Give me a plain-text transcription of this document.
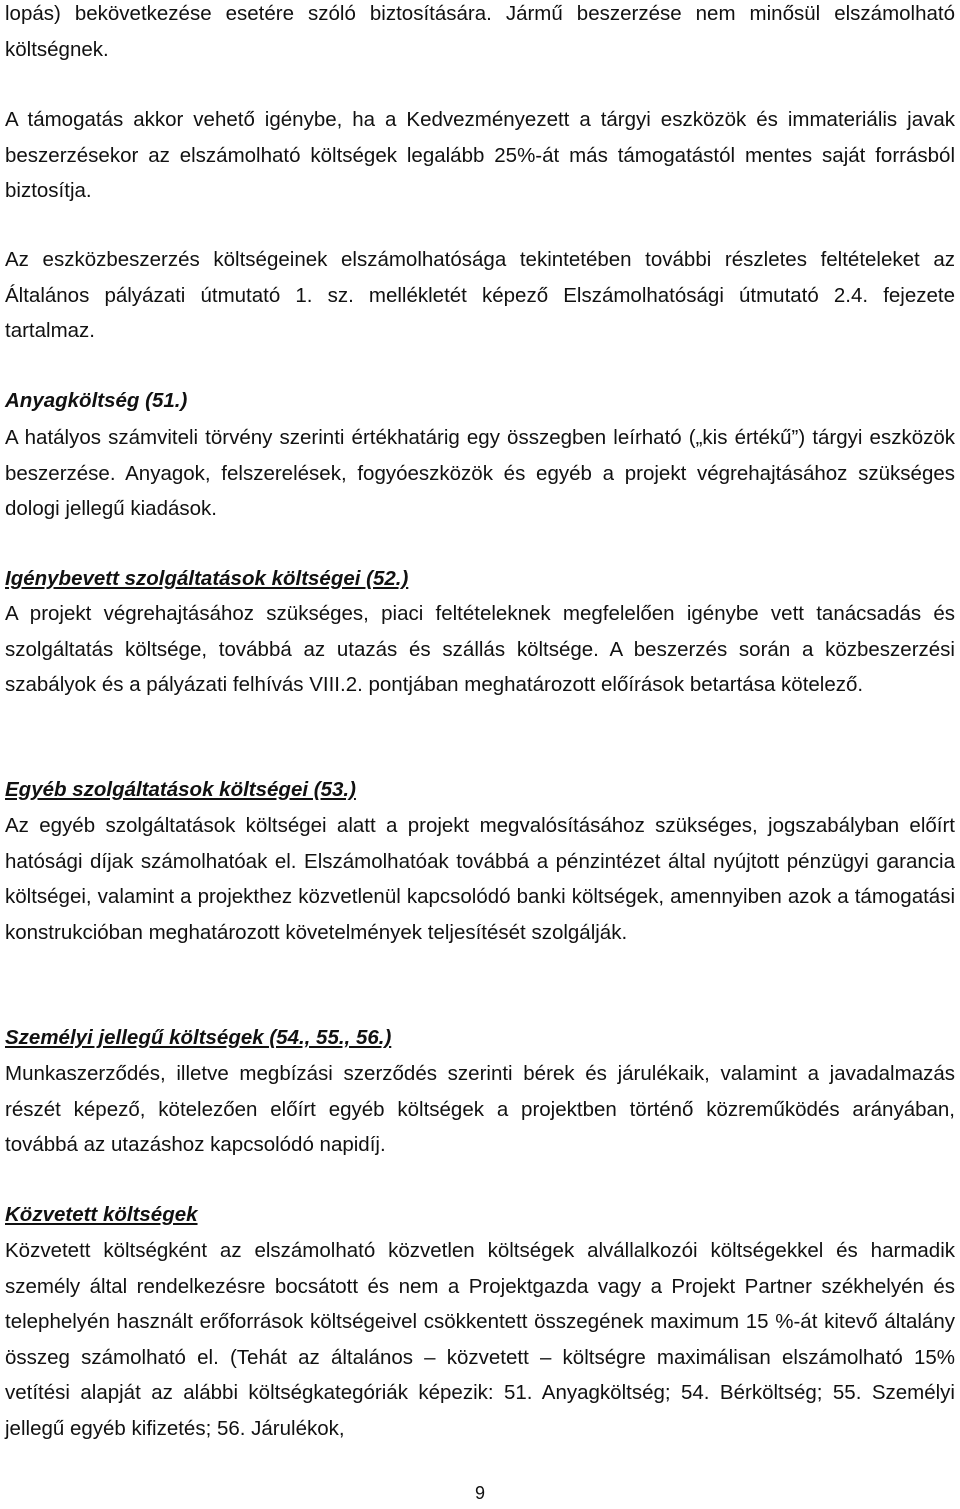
lopás) bekövetkezése esetére szóló biztosítására. Jármű beszerzése nem minősül elszámolható költségnek.

A támogatás akkor vehető igénybe, ha a Kedvezményezett a tárgyi eszközök és immateriális javak beszerzésekor az elszámolható költségek legalább 25%-át más támogatástól mentes saját forrásból biztosítja.

Az eszközbeszerzés költségeinek elszámolhatósága tekintetében további részletes feltételeket az Általános pályázati útmutató 1. sz. mellékletét képező Elszámolhatósági útmutató 2.4. fejezete tartalmaz.

Anyagköltség (51.)

A hatályos számviteli törvény szerinti értékhatárig egy összegben leírható („kis értékű”) tárgyi eszközök beszerzése. Anyagok, felszerelések, fogyóeszközök és egyéb a projekt végrehajtásához szükséges dologi jellegű kiadások.

Igénybevett szolgáltatások költségei (52.)

A projekt végrehajtásához szükséges, piaci feltételeknek megfelelően igénybe vett tanácsadás és szolgáltatás költsége, továbbá az utazás és szállás költsége. A beszerzés során a közbeszerzési szabályok és a pályázati felhívás VIII.2. pontjában meghatározott előírások betartása kötelező.

Egyéb szolgáltatások költségei (53.)

Az egyéb szolgáltatások költségei alatt a projekt megvalósításához szükséges, jogszabályban előírt hatósági díjak számolhatóak el. Elszámolhatóak továbbá a pénzintézet által nyújtott pénzügyi garancia költségei, valamint a projekthez közvetlenül kapcsolódó banki költségek, amennyiben azok a támogatási konstrukcióban meghatározott követelmények teljesítését szolgálják.

Személyi jellegű költségek (54., 55., 56.)

Munkaszerződés, illetve megbízási szerződés szerinti bérek és járulékaik, valamint a javadalmazás részét képező, kötelezően előírt egyéb költségek a projektben történő közreműködés arányában, továbbá az utazáshoz kapcsolódó napidíj.

Közvetett költségek

Közvetett költségként az elszámolható közvetlen költségek alvállalkozói költségekkel és harmadik személy által rendelkezésre bocsátott és nem a Projektgazda vagy a Projekt Partner székhelyén és telephelyén használt erőforrások költségeivel csökkentett összegének maximum 15 %-át kitevő általány összeg számolható el. (Tehát az általános – közvetett – költségre maximálisan elszámolható 15% vetítési alapját az alábbi költségkategóriák képezik: 51. Anyagköltség; 54. Bérköltség; 55. Személyi jellegű egyéb kifizetés; 56. Járulékok,

9
